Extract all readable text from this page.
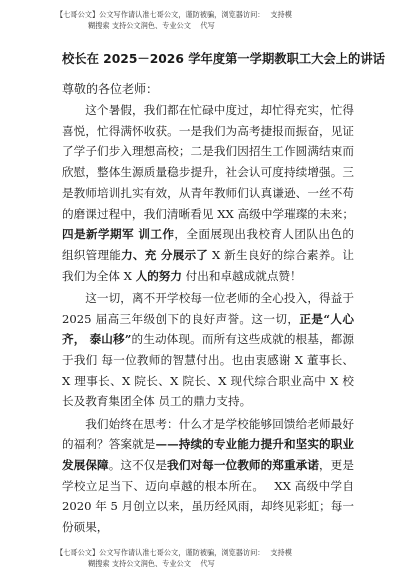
【七哥公文】公文写作请认准七哥公文，谨防被骗，浏览器访问：　 支持模
糊搜索 支持公文润色、专业公文　 代写
校长在 2025－2026 学年度第一学期教职工大会上的讲话
尊敬的各位老师：

这个暑假，我们都在忙碌中度过，却忙得充实，忙得喜悦，忙得满怀收获。一是我们为高考捷报而振奋，见证了学子们步入理想高校；二是我们因招生工作圆满结束而欣慰，整体生源质量稳步提升，社会认可度持续增强。三是教师培训扎实有效，从青年教师们认真谦逊、一丝不苟的磨课过程中，我们清晰看见 XX 高级中学璀璨的未来；四是新学期军 训工作，全面展现出我校育人团队出色的组织管理能力、充 分展示了 X 新生良好的综合素养。让我们为全体 X 人的努力 付出和卓越成就点赞！

这一切，离不开学校每一位老师的全心投入，得益于 2025 届高三年级创下的良好声誉。这一切，正是“人心齐， 泰山移”的生动体现。而所有这些成就的根基，都源于我们 每一位教师的智慧付出。也由衷感谢 X 董事长、X 理事长、X 院长、X 院长、X 现代综合职业高中 X 校长及教育集团全体 员工的鼎力支持。

我们始终在思考：什么才是学校能够回馈给老师最好的福利？答案就是——持续的专业能力提升和坚实的职业发展保障。这不仅是我们对每一位教师的郑重承诺，更是学校立足当下、迈向卓越的根本所在。　 XX 高级中学自 2020 年 5 月创立以来，虽历经风雨，却终见彩虹；每一份硕果，

【七哥公文】公文写作请认准七哥公文，谨防被骗，浏览器访问：　 支持模
糊搜索 支持公文润色、专业公文　 代写
